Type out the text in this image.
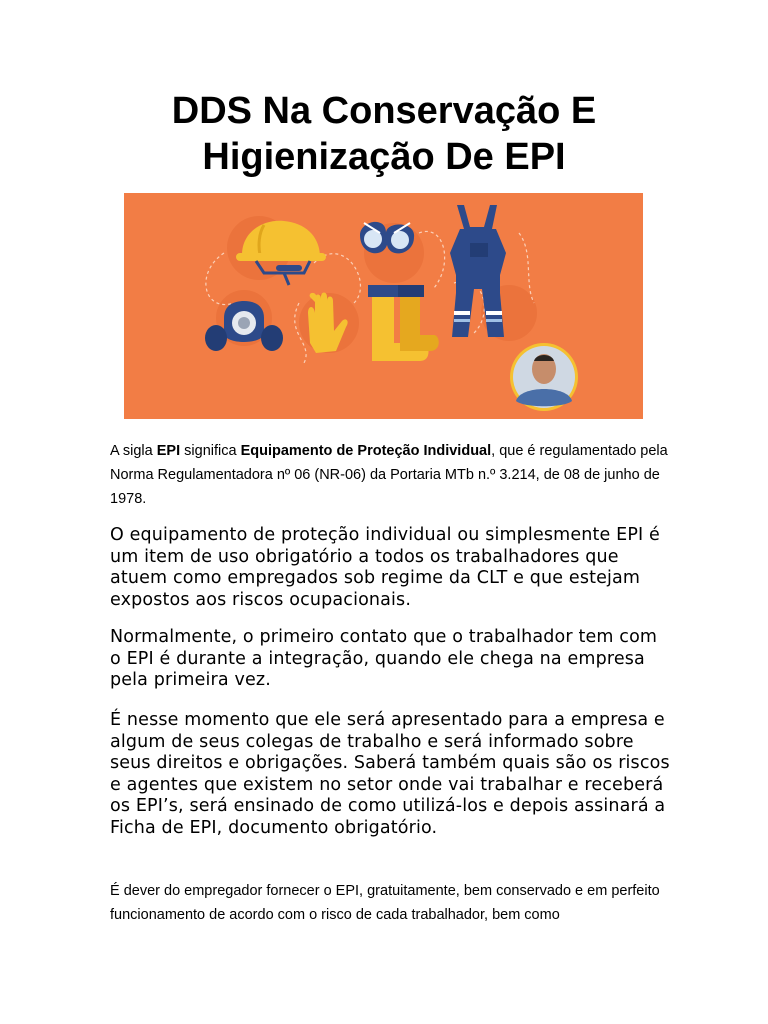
DDS Na Conservação E
Higienização De EPI

A sigla EPI significa Equipamento de Proteção Individual, que é regulamentado pela Norma Regulamentadora nº 06 (NR-06) da Portaria MTb n.º 3.214, de 08 de junho de 1978.

O equipamento de proteção individual ou simplesmente EPI é um item de uso obrigatório a todos os trabalhadores que atuem como empregados sob regime da CLT e que estejam expostos aos riscos ocupacionais.

Normalmente, o primeiro contato que o trabalhador tem com o EPI é durante a integração, quando ele chega na empresa pela primeira vez.

É nesse momento que ele será apresentado para a empresa e algum de seus colegas de trabalho e será informado sobre seus direitos e obrigações. Saberá também quais são os riscos e agentes que existem no setor onde vai trabalhar e receberá os EPI’s, será ensinado de como utilizá-los e depois assinará a Ficha de EPI, documento obrigatório.

É dever do empregador fornecer o EPI, gratuitamente, bem conservado e em perfeito funcionamento de acordo com o risco de cada trabalhador, bem como
